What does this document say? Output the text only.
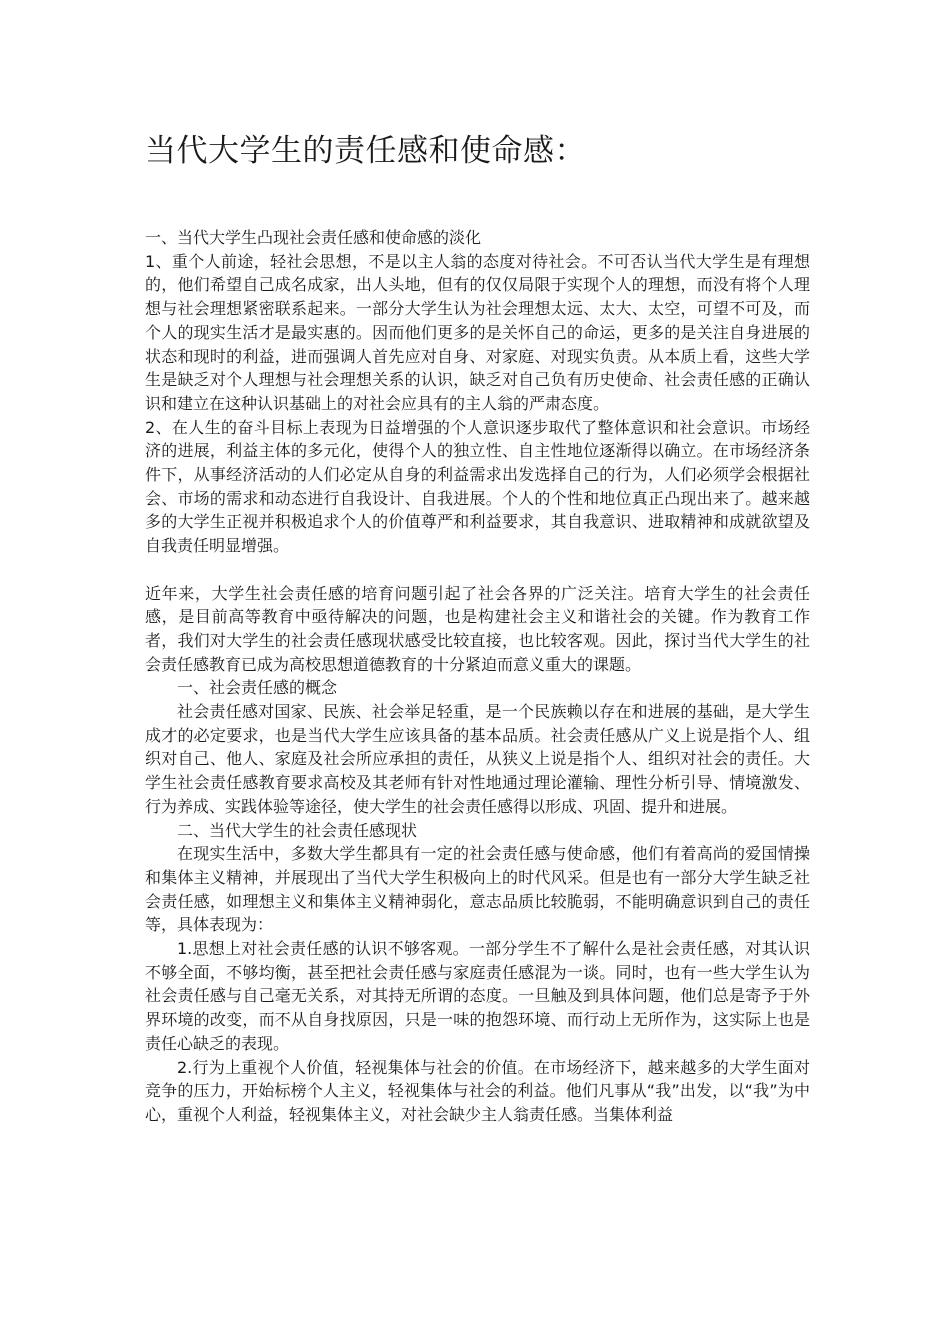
当代大学生的责任感和使命感：

一、当代大学生凸现社会责任感和使命感的淡化

1、重个人前途，轻社会思想，不是以主人翁的态度对待社会。不可否认当代大学生是有理想的，他们希望自己成名成家，出人头地，但有的仅仅局限于实现个人的理想，而没有将个人理想与社会理想紧密联系起来。一部分大学生认为社会理想太远、太大、太空，可望不可及，而个人的现实生活才是最实惠的。因而他们更多的是关怀自己的命运，更多的是关注自身进展的状态和现时的利益，进而强调人首先应对自身、对家庭、对现实负责。从本质上看，这些大学生是缺乏对个人理想与社会理想关系的认识，缺乏对自己负有历史使命、社会责任感的正确认识和建立在这种认识基础上的对社会应具有的主人翁的严肃态度。

2、在人生的奋斗目标上表现为日益增强的个人意识逐步取代了整体意识和社会意识。市场经济的进展，利益主体的多元化，使得个人的独立性、自主性地位逐渐得以确立。在市场经济条件下，从事经济活动的人们必定从自身的利益需求出发选择自己的行为，人们必须学会根据社会、市场的需求和动态进行自我设计、自我进展。个人的个性和地位真正凸现出来了。越来越多的大学生正视并积极追求个人的价值尊严和利益要求，其自我意识、进取精神和成就欲望及自我责任明显增强。

近年来，大学生社会责任感的培育问题引起了社会各界的广泛关注。培育大学生的社会责任感，是目前高等教育中亟待解决的问题，也是构建社会主义和谐社会的关键。作为教育工作者，我们对大学生的社会责任感现状感受比较直接，也比较客观。因此，探讨当代大学生的社会责任感教育已成为高校思想道德教育的十分紧迫而意义重大的课题。

一、社会责任感的概念

社会责任感对国家、民族、社会举足轻重，是一个民族赖以存在和进展的基础，是大学生成才的必定要求，也是当代大学生应该具备的基本品质。社会责任感从广义上说是指个人、组织对自己、他人、家庭及社会所应承担的责任，从狭义上说是指个人、组织对社会的责任。大学生社会责任感教育要求高校及其老师有针对性地通过理论灌输、理性分析引导、情境激发、行为养成、实践体验等途径，使大学生的社会责任感得以形成、巩固、提升和进展。

二、当代大学生的社会责任感现状

在现实生活中，多数大学生都具有一定的社会责任感与使命感，他们有着高尚的爱国情操和集体主义精神，并展现出了当代大学生积极向上的时代风采。但是也有一部分大学生缺乏社会责任感，如理想主义和集体主义精神弱化，意志品质比较脆弱，不能明确意识到自己的责任等，具体表现为：

1.思想上对社会责任感的认识不够客观。一部分学生不了解什么是社会责任感，对其认识不够全面，不够均衡，甚至把社会责任感与家庭责任感混为一谈。同时，也有一些大学生认为社会责任感与自己毫无关系，对其持无所谓的态度。一旦触及到具体问题，他们总是寄予于外界环境的改变，而不从自身找原因，只是一味的抱怨环境、而行动上无所作为，这实际上也是责任心缺乏的表现。

2.行为上重视个人价值，轻视集体与社会的价值。在市场经济下，越来越多的大学生面对竞争的压力，开始标榜个人主义，轻视集体与社会的利益。他们凡事从“我”出发，以“我”为中心，重视个人利益，轻视集体主义，对社会缺少主人翁责任感。当集体利益
